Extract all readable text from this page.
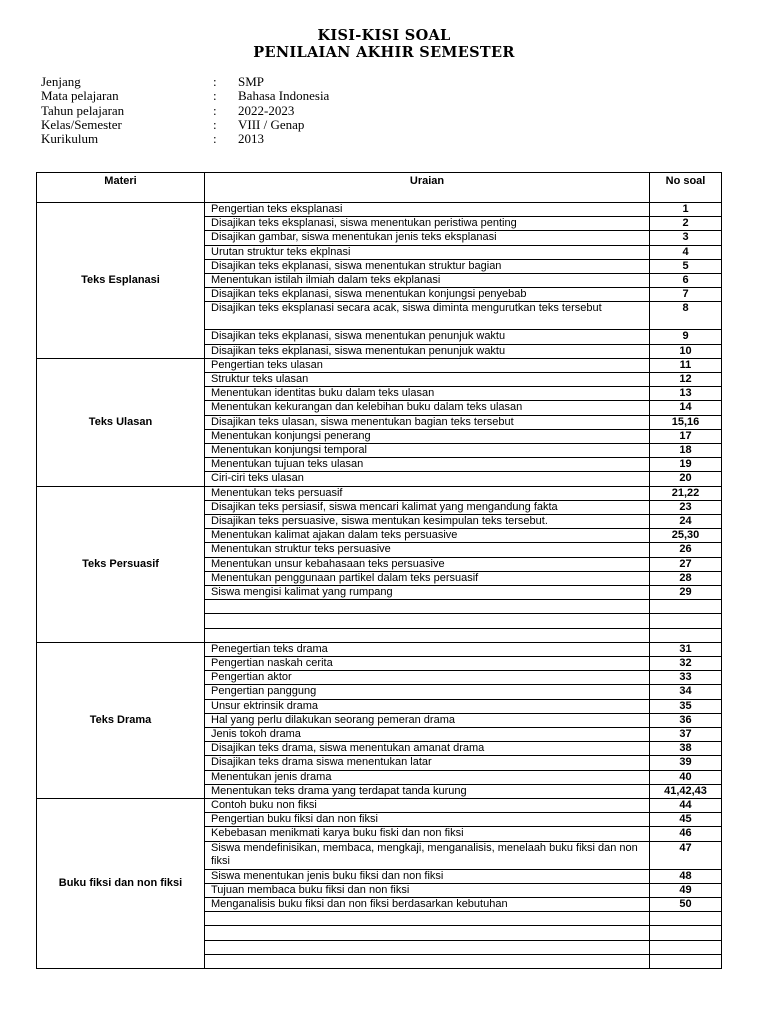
KISI-KISI SOAL
PENILAIAN AKHIR SEMESTER
Jenjang	:	SMP
Mata pelajaran	:	Bahasa Indonesia
Tahun pelajaran	:	2022-2023
Kelas/Semester	:	VIII / Genap
Kurikulum	:	2013
Materi	Uraian	No soal
Teks Esplanasi	Pengertian teks eksplanasi	1
	Disajikan teks eksplanasi, siswa menentukan peristiwa penting	2
	Disajikan gambar, siswa menentukan jenis teks eksplanasi	3
	Urutan struktur teks ekplnasi	4
	Disajikan teks ekplanasi, siswa menentukan struktur bagian	5
	Menentukan istilah ilmiah dalam teks ekplanasi	6
	Disajikan teks ekplanasi, siswa menentukan konjungsi penyebab	7
	Disajikan teks eksplanasi secara acak, siswa diminta mengurutkan teks tersebut	8
	Disajikan teks ekplanasi, siswa menentukan penunjuk waktu	9
	Disajikan teks ekplanasi, siswa menentukan penunjuk waktu	10
Teks Ulasan	Pengertian teks ulasan	11
	Struktur teks ulasan	12
	Menentukan identitas buku dalam teks ulasan	13
	Menentukan kekurangan dan kelebihan buku dalam teks ulasan	14
	Disajikan teks ulasan, siswa menentukan bagian teks tersebut	15,16
	Menentukan konjungsi penerang	17
	Menentukan konjungsi temporal	18
	Menentukan tujuan teks ulasan	19
	Ciri-ciri teks ulasan	20
Teks Persuasif	Menentukan teks persuasif	21,22
	Disajikan teks persiasif, siswa mencari kalimat yang mengandung fakta	23
	Disajikan teks persuasive, siswa mentukan kesimpulan teks tersebut.	24
	Menentukan kalimat ajakan dalam teks persuasive	25,30
	Menentukan struktur teks persuasive	26
	Menentukan unsur kebahasaan teks persuasive	27
	Menentukan penggunaan partikel dalam teks persuasif	28
	Siswa mengisi kalimat yang rumpang	29

Teks Drama	Penegertian teks drama	31
	Pengertian naskah cerita	32
	Pengertian aktor	33
	Pengertian panggung	34
	Unsur ektrinsik drama	35
	Hal yang perlu dilakukan seorang pemeran drama	36
	Jenis tokoh drama	37
	Disajikan teks drama, siswa menentukan amanat drama	38
	Disajikan teks drama siswa menentukan latar	39
	Menentukan jenis drama	40
	Menentukan teks drama yang terdapat tanda kurung	41,42,43
Buku fiksi dan non fiksi	Contoh buku non fiksi	44
	Pengertian buku fiksi dan non fiksi	45
	Kebebasan menikmati karya buku fiski dan non fiksi	46
	Siswa mendefinisikan, membaca, mengkaji, menganalisis, menelaah buku fiksi dan non fiksi	47
	Siswa menentukan jenis buku fiksi dan non fiksi	48
	Tujuan membaca buku fiksi dan non fiksi	49
	Menganalisis buku fiksi dan non fiksi berdasarkan kebutuhan	50
